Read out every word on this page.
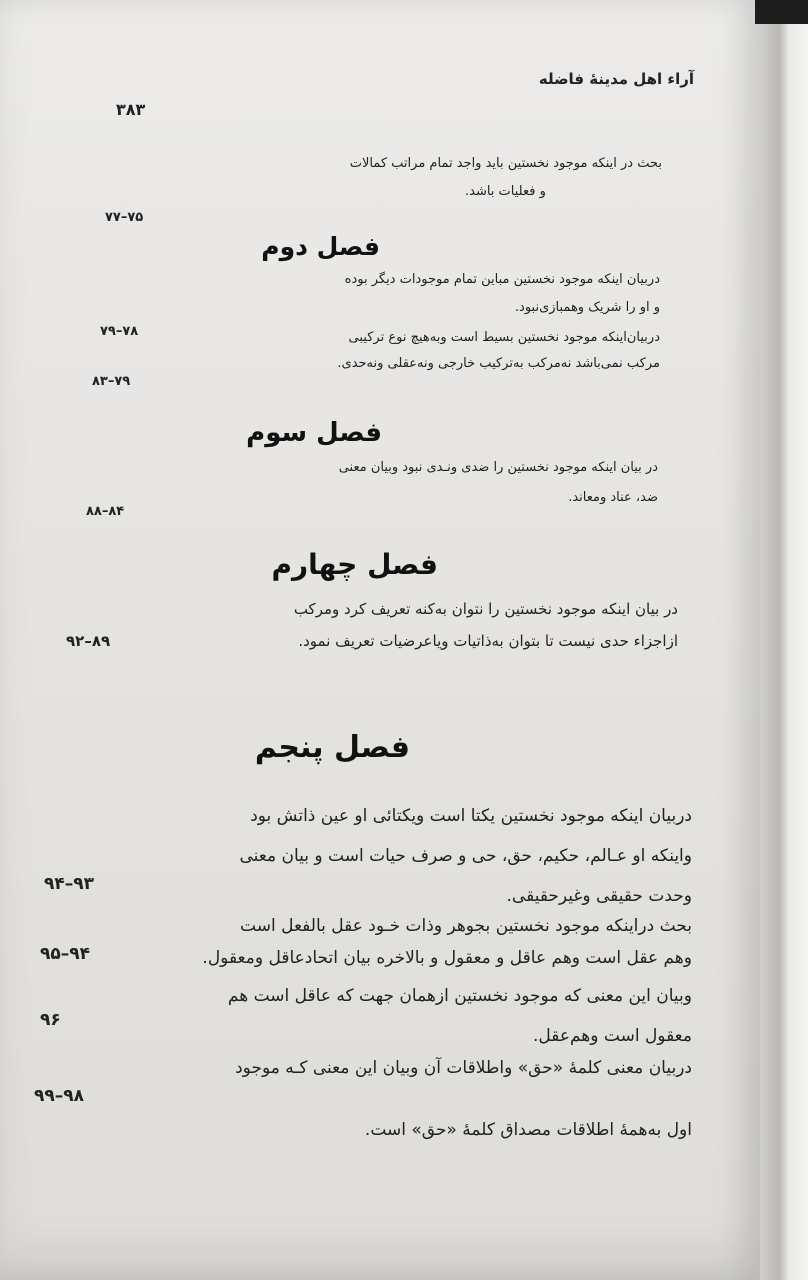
آراء اهل مدينهٔ فاضله
۳۸۳
بحث در اینکه موجود نخستین باید واجد تمام مراتب کمالات
و فعلیات باشد.
۷۵–۷۷
فصل دوم
دربیان اینکه موجود نخستین مباین تمام موجودات دیگر بوده
و او را شریک وهمبازی‌نبود.
۷۸–۷۹	دربیان‌اینکه موجود نخستین بسیط است وبه‌هیچ نوع ترکیبی
مرکب نمی‌باشد نه‌مرکب به‌ترکیب خارجی ونه‌عقلی ونه‌حدی.
۷۹–۸۳
فصل سوم
در بیان اینکه موجود نخستین را ضدی ونـدی نبود وبیان معنی
ضد، عناد ومعاند.
۸۴–۸۸
فصل چهارم
در بیان اینکه موجود نخستین را نتوان به‌کنه تعریف کرد ومرکب
ازاجزاء حدی نیست تا بتوان به‌ذاتیات ویاعرضیات تعریف نمود.
۸۹–۹۲
فصل پنجم
دربیان اینکه موجود نخستین یکتا است ویکتائی او عین ذاتش بود
واینکه او عـالم، حکیم، حق، حی و صرف حیات است و بیان معنی
۹۳–۹۴
وحدت حقیقی وغیرحقیقی.
بحث دراینکه موجود نخستین بجوهر وذات خـود عقل بالفعل است
وهم عقل است وهم عاقل و معقول و بالاخره بیان اتحادعاقل ومعقول.
۹۴–۹۵
وبیان این معنی که موجود نخستین ازهمان جهت که عاقل است هم
۹۶
معقول است وهم‌عقل.
دربیان معنی کلمهٔ «حق» واطلاقات آن وبیان این معنی کـه موجود
۹۸–۹۹
اول به‌همهٔ اطلاقات مصداق کلمهٔ «حق» است.
